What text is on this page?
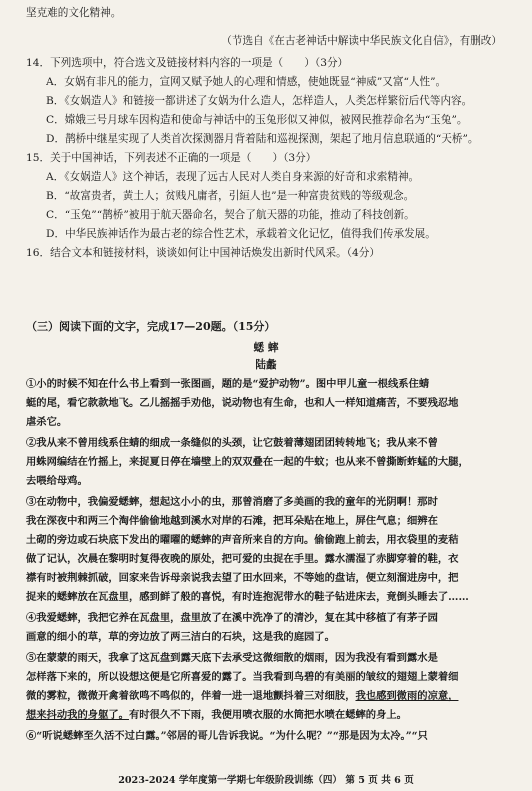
坚克难的文化精神。
（节选自《在古老神话中解读中华民族文化自信》，有删改）
14．下列选项中，符合选文及链接材料内容的一项是（　　）（3分）
A．女娲有非凡的能力，宣网又赋予她人的心理和情感，使她既显“神威”又富“人性”。
B．《女娲造人》和链接一都讲述了女娲为什么造人，怎样造人，人类怎样繁衍后代等内容。
C．嫦娥三号月球车因构造和使命与神话中的玉兔形似又神似，被网民推荐命名为“玉兔”。
D．鹊桥中继星实现了人类首次探测器月背着陆和巡视探测，架起了地月信息联通的“天桥”。
15．关于中国神话，下列表述不正确的一项是（　　）（3分）
A．《女娲造人》这个神话，表现了远古人民对人类自身来源的好奇和求索精神。
B．“故富贵者，黄土人；贫贱凡庸者，引絙人也”是一种富贵贫贱的等级观念。
C．“玉兔”“鹊桥”被用于航天器命名，契合了航天器的功能，推动了科技创新。
D．中华民族神话作为最古老的综合性艺术，承载着文化记忆，值得我们传承发展。
16．结合文本和链接材料，谈谈如何让中国神话焕发出新时代风采。（4分）
（三）阅读下面的文字，完成17—20题。（15分）
蟋 蟀
陆蠡
①小的时候不知在什么书上看到一张图画，题的是“爱护动物”。图中甲儿童一根线系住蜻
蜓的尾，看它款款地飞。乙儿摇摇手劝他，说动物也有生命，也和人一样知道痛苦，不要残忍地
虐杀它。
②我从来不曾用线系住蜻的细成一条缝似的头颈，让它鼓着薄翅团团转转地飞；我从来不曾
用蛛网编结在竹摇上，来捉夏日停在墙壁上的双双叠在一起的牛蚊；也从来不曾撕断蚱蜢的大腿，
去喂给母鸡。
③在动物中，我偏爱蟋蟀，想起这小小的虫，那曾消磨了多美画的我的童年的光阴啊！那时
我在深夜中和两三个淘伴偷偷地越到溪水对岸的石滩，把耳朵贴在地上，屏住气息；细辨在
土砌的旁边或石块底下发出的曜曜的蟋蟀的声音所来自的方向。偷偷跑上前去，用衣袋里的麦秸
做了记认，次晨在黎明时复得夜晚的原处，把可爱的虫捉在手里。露水濡湿了赤脚穿着的鞋，衣
襟有时被荆棘抓破，回家来告诉母亲说我去望了田水回来，不等她的盘诘，便立刻溜进房中，把
捉来的蟋蟀放在瓦盘里，感到鲜了般的喜悦，有时连抱泥带水的鞋子钻进床去，竟倒头睡去了……
④我爱蟋蟀，我把它养在瓦盘里，盘里放了在溪中洗净了的清沙，复在其中移植了有茅子园
画意的细小的草，草的旁边放了两三洁白的石块，这是我的庭园了。
⑤在蒙蒙的雨天，我拿了这瓦盘到露天底下去承受这微细散的烟雨，因为我没有看到露水是
怎样落下来的，所以设想这便是它所喜爱的露了。当我看到鸟碧的有美丽的皱纹的翅翅上蒙着细
微的雾粒，微微开禽着欲鸣不鸣似的，伴着一进一退地颤抖着三对细肢，我也感到微雨的凉意，
想来抖动我的身躯了。有时很久不下雨，我便用喷衣服的水筒把水喷在蟋蟀的身上。
⑥“听说蟋蟀至久活不过白露。”邻居的哥儿告诉我说。“为什么呢？”“那是因为太冷。”“只
2023-2024 学年度第一学期七年级阶段训练（四） 第 5 页 共 6 页
